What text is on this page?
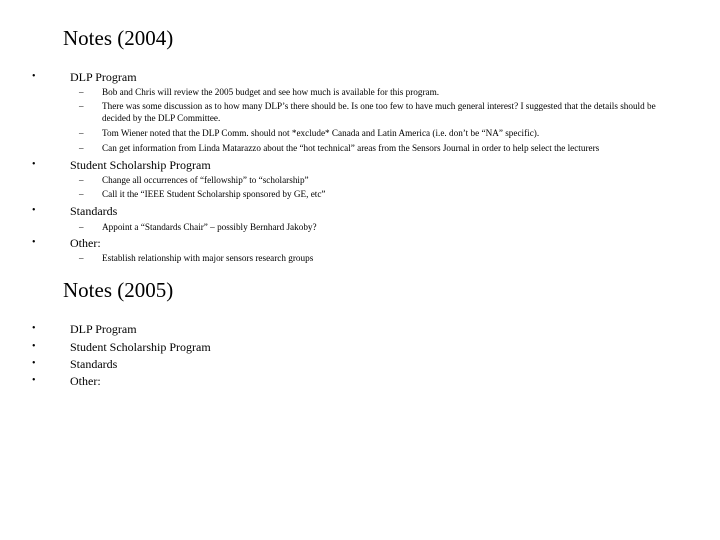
Notes (2004)
•	DLP Program
– Bob and Chris will review the 2005 budget and see how much is available for this program.
– There was some discussion as to how many DLP’s there should be. Is one too few to have much general interest? I suggested that the details should be decided by the DLP Committee.
– Tom Wiener noted that the DLP Comm. should not *exclude* Canada and Latin America (i.e. don’t be “NA” specific).
– Can get information from Linda Matarazzo about the “hot technical” areas from the Sensors Journal in order to help select the lecturers
•	Student Scholarship Program
– Change all occurrences of “fellowship” to “scholarship”
– Call it the “IEEE Student Scholarship sponsored by GE, etc”
•	Standards
– Appoint a “Standards Chair” – possibly Bernhard Jakoby?
•	Other:
– Establish relationship with major sensors research groups
Notes (2005)
•	DLP Program
•	Student Scholarship Program
•	Standards
•	Other:
